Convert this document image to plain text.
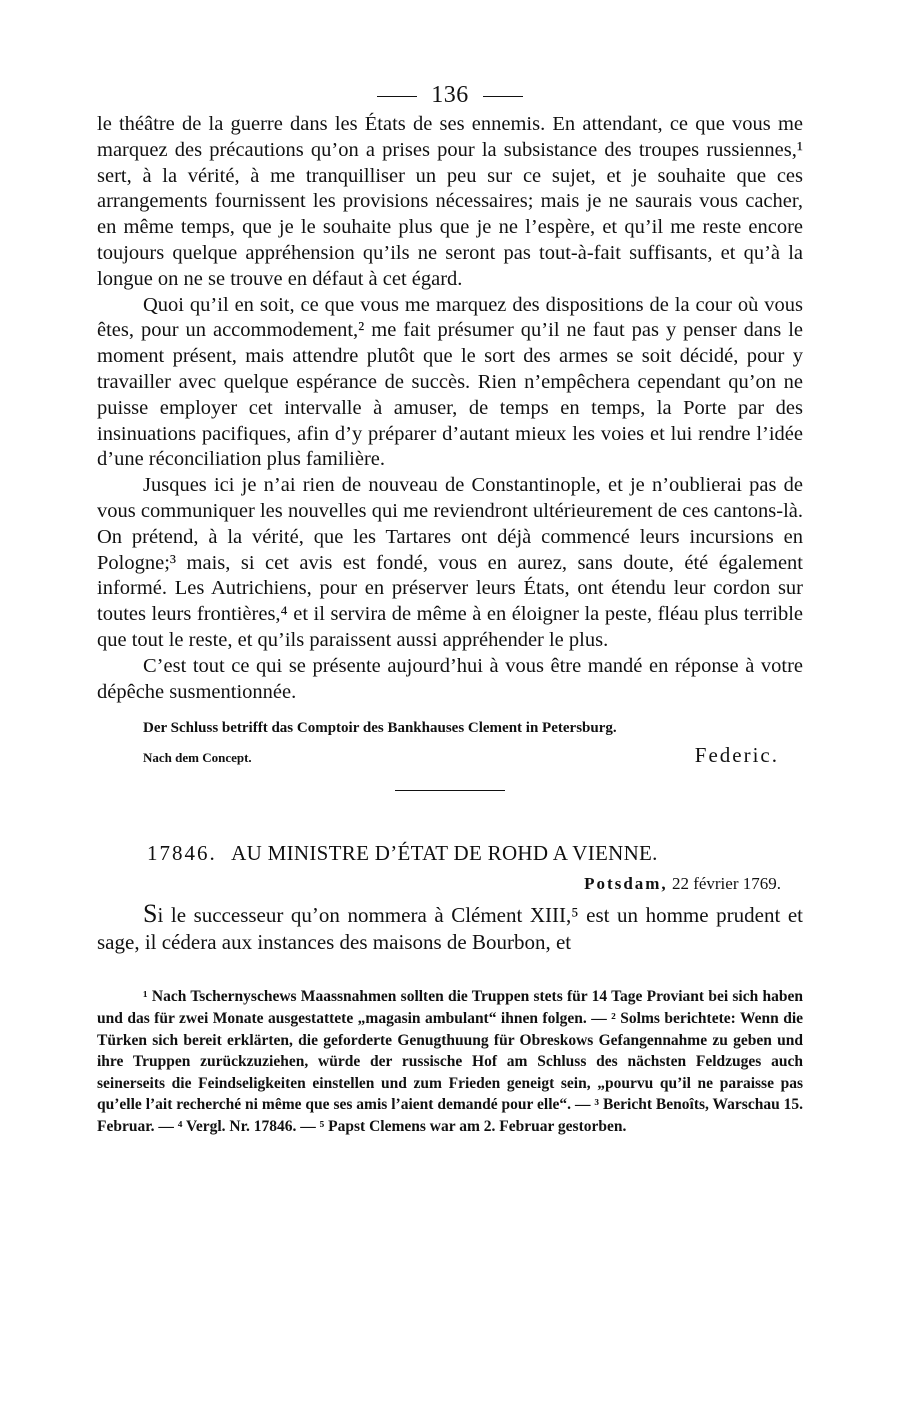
136

le théâtre de la guerre dans les États de ses ennemis. En attendant, ce que vous me marquez des précautions qu’on a prises pour la subsistance des troupes russiennes,¹ sert, à la vérité, à me tranquilliser un peu sur ce sujet, et je souhaite que ces arrangements fournissent les provisions nécessaires; mais je ne saurais vous cacher, en même temps, que je le souhaite plus que je ne l’espère, et qu’il me reste encore toujours quelque appréhension qu’ils ne seront pas tout-à-fait suffisants, et qu’à la longue on ne se trouve en défaut à cet égard.

Quoi qu’il en soit, ce que vous me marquez des dispositions de la cour où vous êtes, pour un accommodement,² me fait présumer qu’il ne faut pas y penser dans le moment présent, mais attendre plutôt que le sort des armes se soit décidé, pour y travailler avec quelque espérance de succès. Rien n’empêchera cependant qu’on ne puisse employer cet intervalle à amuser, de temps en temps, la Porte par des insinuations pacifiques, afin d’y préparer d’autant mieux les voies et lui rendre l’idée d’une réconciliation plus familière.

Jusques ici je n’ai rien de nouveau de Constantinople, et je n’oublierai pas de vous communiquer les nouvelles qui me reviendront ultérieurement de ces cantons-là. On prétend, à la vérité, que les Tartares ont déjà commencé leurs incursions en Pologne;³ mais, si cet avis est fondé, vous en aurez, sans doute, été également informé. Les Autrichiens, pour en préserver leurs États, ont étendu leur cordon sur toutes leurs frontières,⁴ et il servira de même à en éloigner la peste, fléau plus terrible que tout le reste, et qu’ils paraissent aussi appréhender le plus.

C’est tout ce qui se présente aujourd’hui à vous être mandé en réponse à votre dépêche susmentionnée.

Der Schluss betrifft das Comptoir des Bankhauses Clement in Petersburg.
Nach dem Concept.	Federic.
17846. AU MINISTRE D’ÉTAT DE ROHD A VIENNE.
Potsdam, 22 février 1769.

Si le successeur qu’on nommera à Clément XIII,⁵ est un homme prudent et sage, il cédera aux instances des maisons de Bourbon, et

¹ Nach Tschernyschews Maassnahmen sollten die Truppen stets für 14 Tage Proviant bei sich haben und das für zwei Monate ausgestattete „magasin ambulant“ ihnen folgen. — ² Solms berichtete: Wenn die Türken sich bereit erklärten, die geforderte Genugthuung für Obreskows Gefangennahme zu geben und ihre Truppen zurückzuziehen, würde der russische Hof am Schluss des nächsten Feldzuges auch seinerseits die Feindseligkeiten einstellen und zum Frieden geneigt sein, „pourvu qu’il ne paraisse pas qu’elle l’ait recherché ni même que ses amis l’aient demandé pour elle“. — ³ Bericht Benoîts, Warschau 15. Februar. — ⁴ Vergl. Nr. 17846. — ⁵ Papst Clemens war am 2. Februar gestorben.
